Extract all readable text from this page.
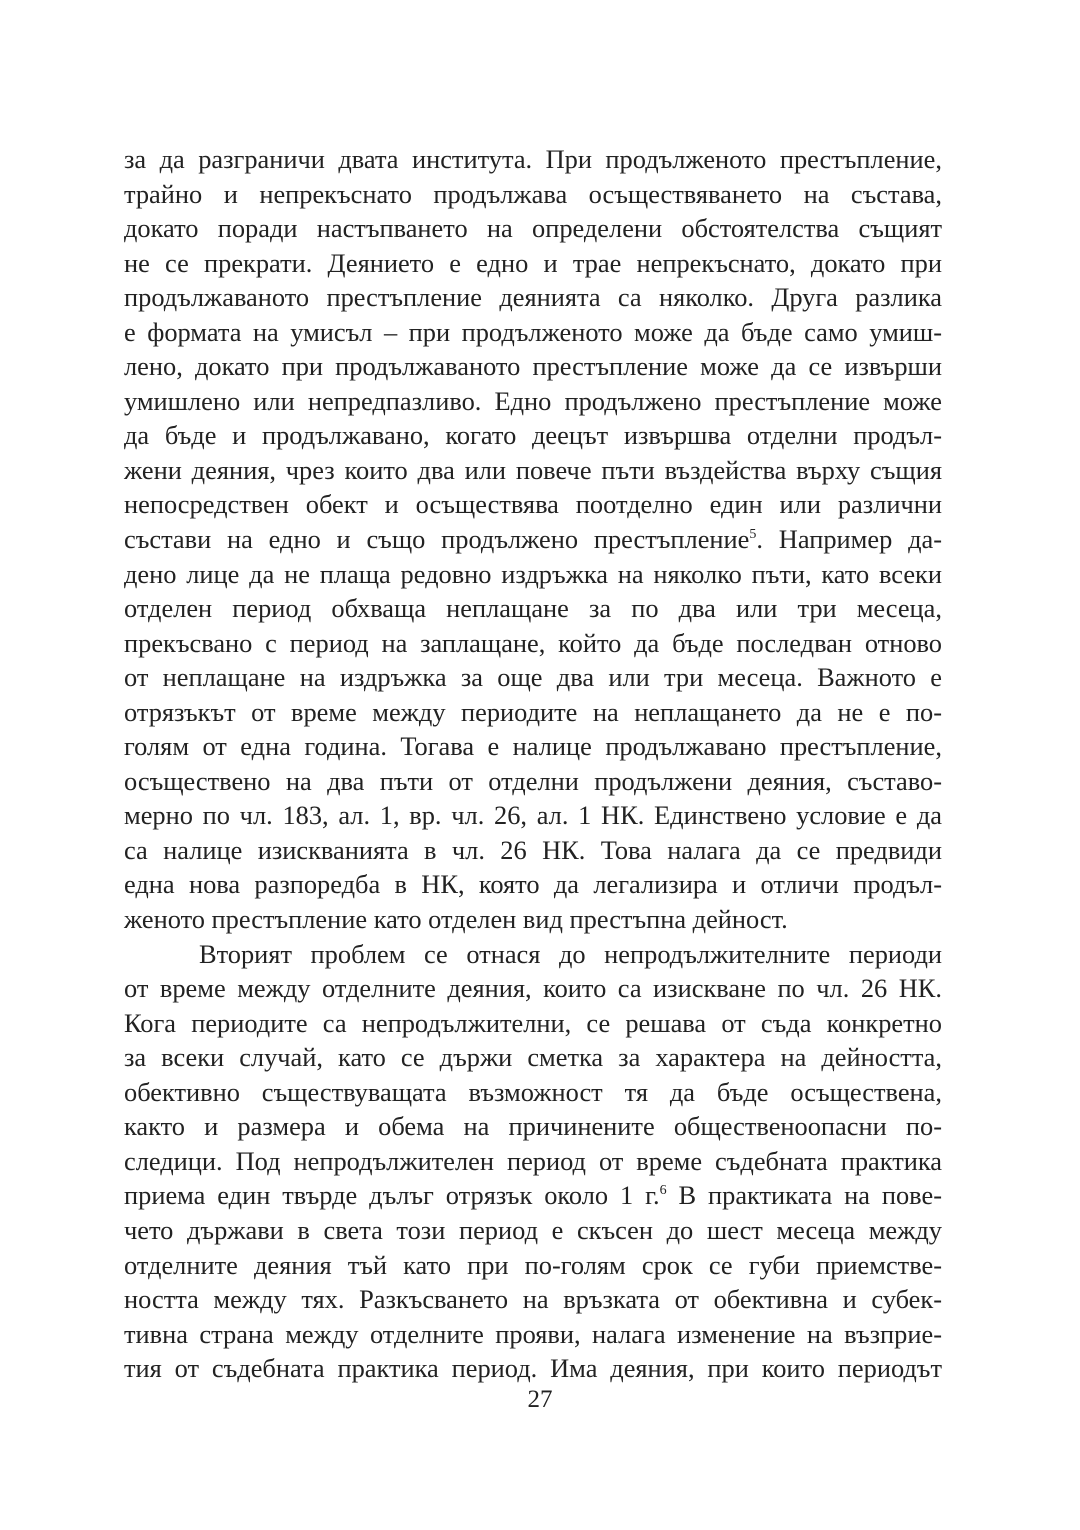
за да разграничи двата института. При продълженото престъпление,
трайно и непрекъснато продължава осъществяването на състава,
докато поради настъпването на определени обстоятелства същият
не се прекрати. Деянието е едно и трае непрекъснато, докато при
продължаваното престъпление деянията са няколко. Друга разлика
е формата на умисъл – при продълженото може да бъде само умиш-
лено, докато при продължаваното престъпление може да се извърши
умишлено или непредпазливо. Едно продължено престъпление може
да бъде и продължавано, когато деецът извършва отделни продъл-
жени деяния, чрез които два или повече пъти въздейства върху същия
непосредствен обект и осъществява поотделно един или различни
състави на едно и също продължено престъпление$^5$. Например да-
дено лице да не плаща редовно издръжка на няколко пъти, като всеки
отделен период обхваща неплащане за по два или три месеца,
прекъсвано с период на заплащане, който да бъде последван отново
от неплащане на издръжка за още два или три месеца. Важното е
отрязъкът от време между периодите на неплащането да не е по-
голям от една година. Тогава е налице продължавано престъпление,
осъществено на два пъти от отделни продължени деяния, съставо-
мерно по чл. 183, ал. 1, вр. чл. 26, ал. 1 НК. Единствено условие е да
са налице изискванията в чл. 26 НК. Това налага да се предвиди
една нова разпоредба в НК, която да легализира и отличи продъл-
женото престъпление като отделен вид престъпна дейност.
Вторият проблем се отнася до непродължителните периоди
от време между отделните деяния, които са изискване по чл. 26 НК.
Кога периодите са непродължителни, се решава от съда конкретно
за всеки случай, като се държи сметка за характера на дейността,
обективно съществуващата възможност тя да бъде осъществена,
както и размера и обема на причинените общественоопасни по-
следици. Под непродължителен период от време съдебната практика
приема един твърде дълъг отрязък около 1 г.$^6$ В практиката на пове-
чето държави в света този период е скъсен до шест месеца между
отделните деяния тъй като при по-голям срок се губи приемстве-
ността между тях. Разкъсването на връзката от обективна и субек-
тивна страна между отделните прояви, налага изменение на възприе-
тия от съдебната практика период. Има деяния, при които периодът
27
